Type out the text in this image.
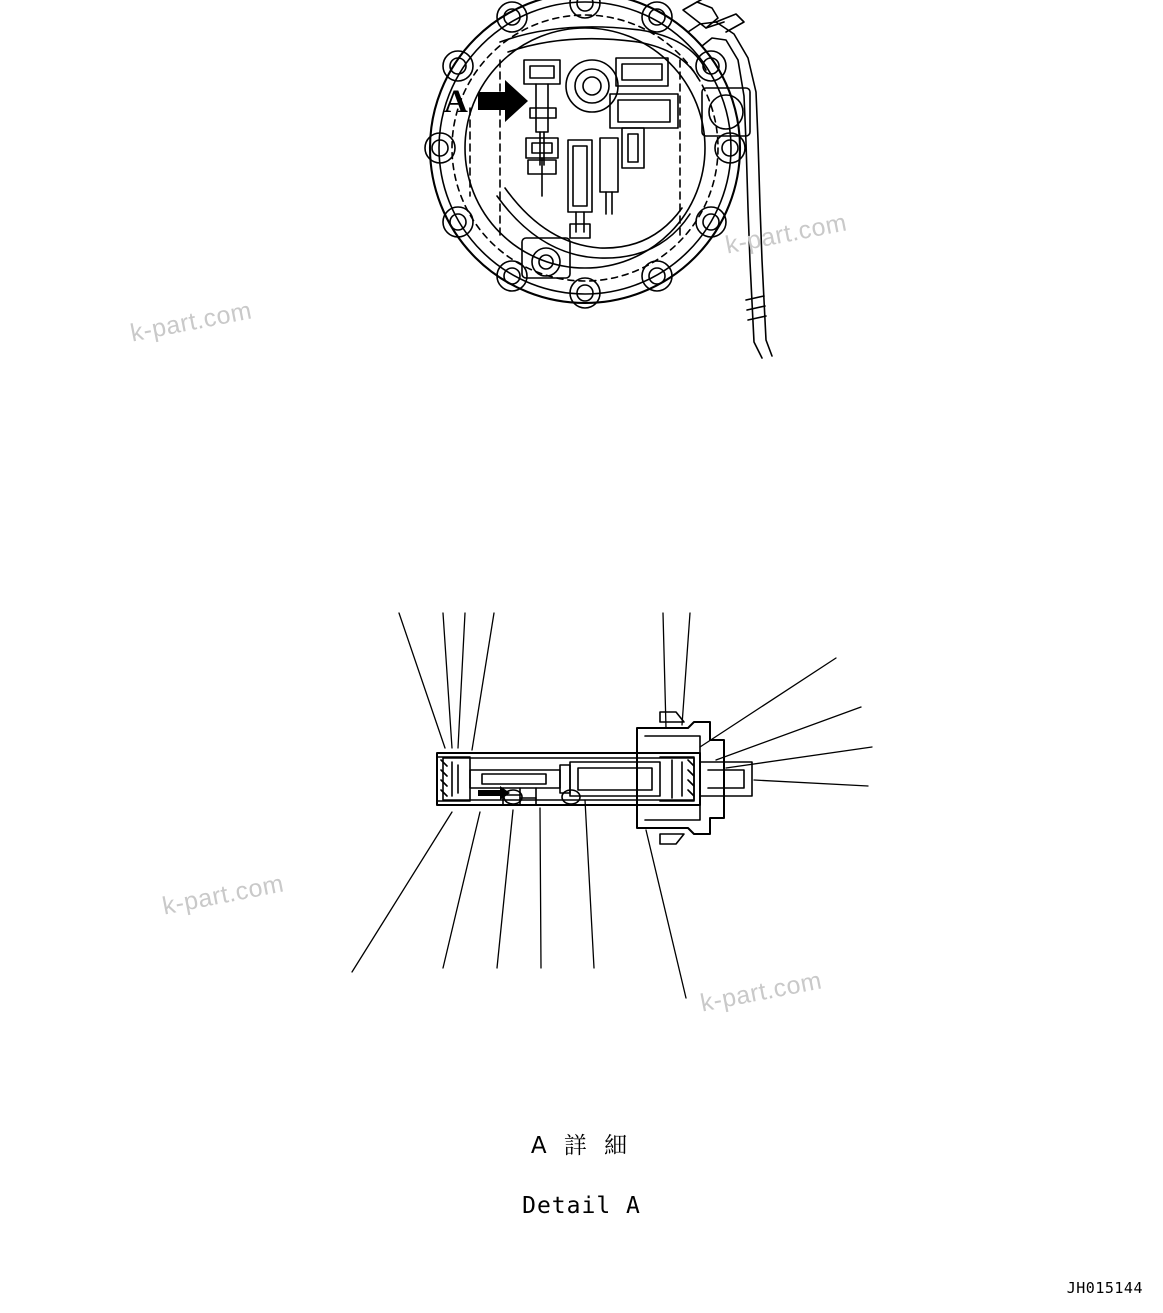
A

A 詳 細

Detail A

JH015144
k-part.com
k-part.com
k-part.com
k-part.com
